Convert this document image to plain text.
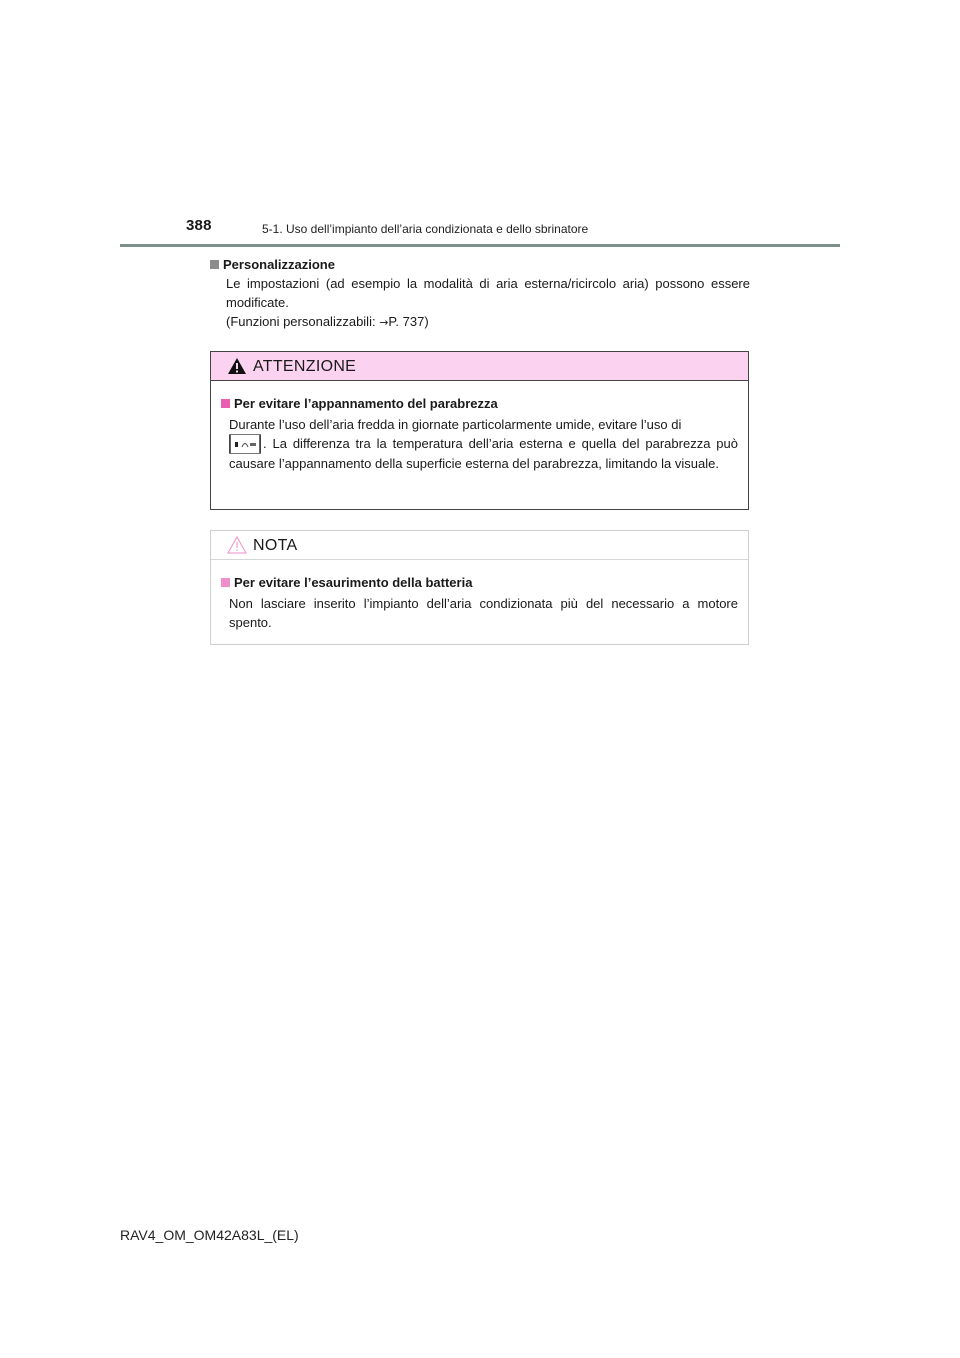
388	5-1. Uso dell’impianto dell’aria condizionata e dello sbrinatore
Personalizzazione

Le impostazioni (ad esempio la modalità di aria esterna/ricircolo aria) possono essere modificate.

(Funzioni personalizzabili: →P. 737)

ATTENZIONE
Per evitare l’appannamento del parabrezza
Durante l’uso dell’aria fredda in giornate particolarmente umide, evitare l’uso di
. La differenza tra la temperatura dell’aria esterna e quella del parabrezza può causare l’appannamento della superficie esterna del parabrezza, limitando la visuale.
NOTA
Per evitare l’esaurimento della batteria
Non lasciare inserito l’impianto dell’aria condizionata più del necessario a motore spento.
RAV4_OM_OM42A83L_(EL)
